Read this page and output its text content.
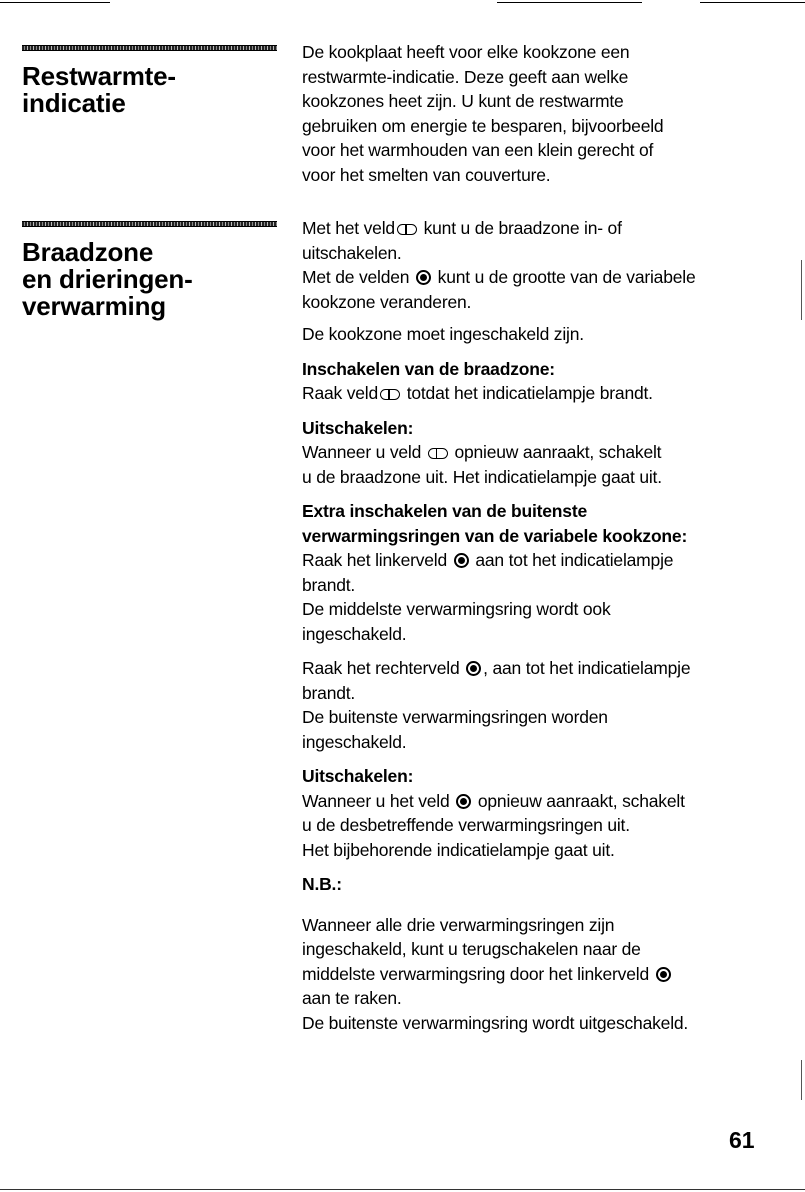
Restwarmte-
indicatie
Braadzone
en drieringen-
verwarming

De kookplaat heeft voor elke kookzone een

restwarmte-indicatie. Deze geeft aan welke

kookzones heet zijn. U kunt de restwarmte

gebruiken om energie te besparen, bijvoorbeeld

voor het warmhouden van een klein gerecht of

voor het smelten van couverture.

Met het veld kunt u de braadzone in- of

uitschakelen.

Met de velden  kunt u de grootte van de variabele

kookzone veranderen.

De kookzone moet ingeschakeld zijn.

Inschakelen van de braadzone:

Raak veld totdat het indicatielampje brandt.

Uitschakelen:

Wanneer u veld  opnieuw aanraakt, schakelt

u de braadzone uit. Het indicatielampje gaat uit.

Extra inschakelen van de buitenste

verwarmingsringen van de variabele kookzone:

Raak het linkerveld  aan tot het indicatielampje

brandt.

De middelste verwarmingsring wordt ook

ingeschakeld.

Raak het rechterveld , aan tot het indicatielampje

brandt.

De buitenste verwarmingsringen worden

ingeschakeld.

Uitschakelen:

Wanneer u het veld  opnieuw aanraakt, schakelt

u de desbetreffende verwarmingsringen uit.

Het bijbehorende indicatielampje gaat uit.

N.B.:

Wanneer alle drie verwarmingsringen zijn

ingeschakeld, kunt u terugschakelen naar de

middelste verwarmingsring door het linkerveld

aan te raken.

De buitenste verwarmingsring wordt uitgeschakeld.

61
